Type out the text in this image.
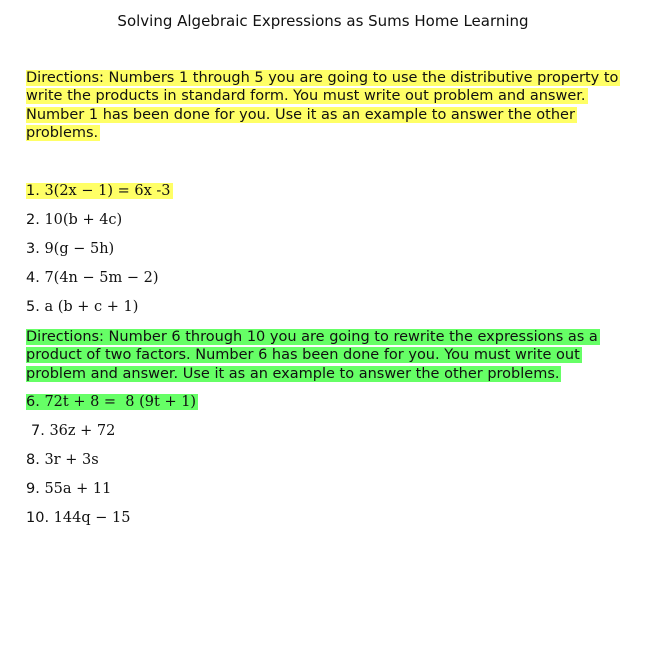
Solving Algebraic Expressions as Sums Home Learning

Directions: Numbers 1 through 5 you are going to use the distributive property to write the products in standard form. You must write out problem and answer. Number 1 has been done for you. Use it as an example to answer the other problems.

1. 3(2x − 1) = 6x -3
2. 10(b + 4c)
3. 9(g − 5h)
4. 7(4n − 5m − 2)
5. a (b + c + 1)

Directions: Number 6 through 10 you are going to rewrite the expressions as a product of two factors. Number 6 has been done for you. You must write out problem and answer. Use it as an example to answer the other problems.

6. 72t + 8 =  8 (9t + 1)
7. 36z + 72
8. 3r + 3s
9. 55a + 11
10. 144q − 15
